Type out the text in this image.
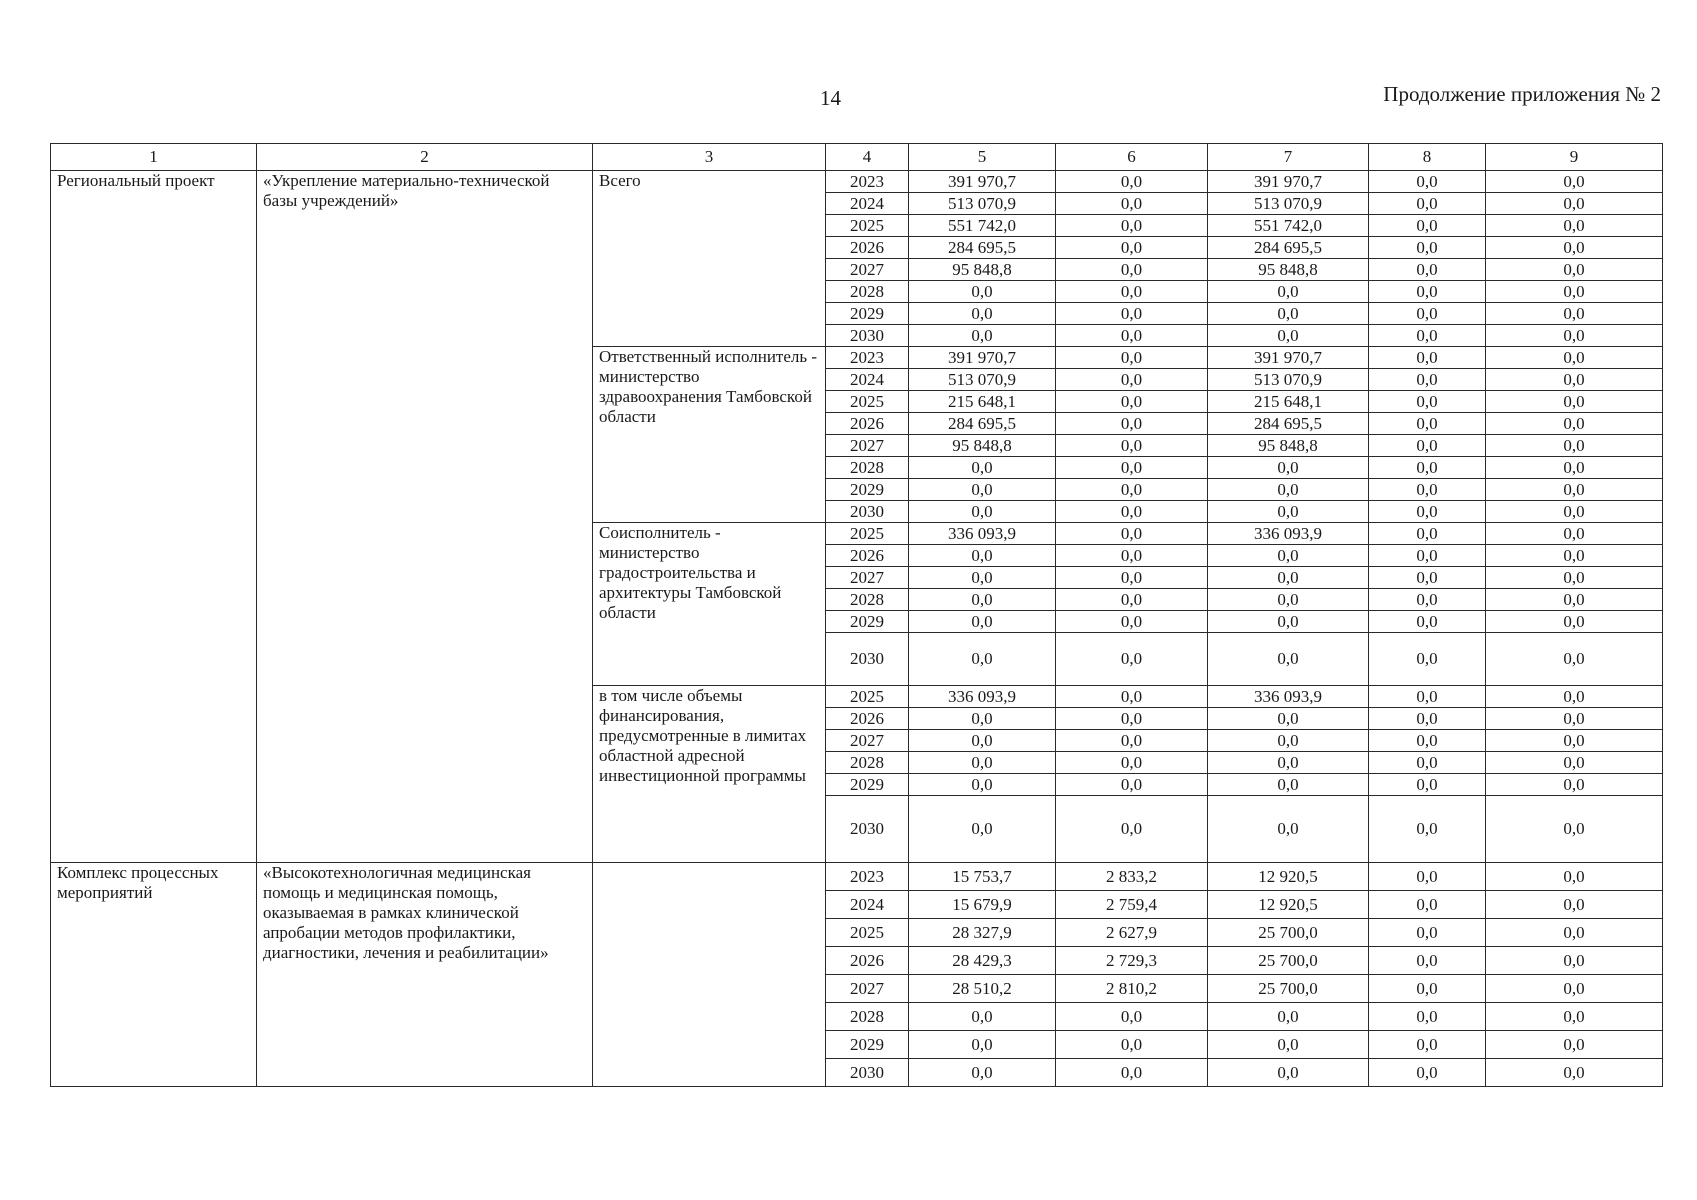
14	Продолжение приложения № 2
1	2	3	4	5	6	7	8	9
Региональный проект	«Укрепление материально-технической базы учреждений»	Всего	2023	391 970,7	0,0	391 970,7	0,0	0,0
			2024	513 070,9	0,0	513 070,9	0,0	0,0
			2025	551 742,0	0,0	551 742,0	0,0	0,0
			2026	284 695,5	0,0	284 695,5	0,0	0,0
			2027	95 848,8	0,0	95 848,8	0,0	0,0
			2028	0,0	0,0	0,0	0,0	0,0
			2029	0,0	0,0	0,0	0,0	0,0
			2030	0,0	0,0	0,0	0,0	0,0
		Ответственный исполнитель - министерство здравоохранения Тамбовской области	2023	391 970,7	0,0	391 970,7	0,0	0,0
			2024	513 070,9	0,0	513 070,9	0,0	0,0
			2025	215 648,1	0,0	215 648,1	0,0	0,0
			2026	284 695,5	0,0	284 695,5	0,0	0,0
			2027	95 848,8	0,0	95 848,8	0,0	0,0
			2028	0,0	0,0	0,0	0,0	0,0
			2029	0,0	0,0	0,0	0,0	0,0
			2030	0,0	0,0	0,0	0,0	0,0
		Соисполнитель - министерство градостроительства и архитектуры Тамбовской области	2025	336 093,9	0,0	336 093,9	0,0	0,0
			2026	0,0	0,0	0,0	0,0	0,0
			2027	0,0	0,0	0,0	0,0	0,0
			2028	0,0	0,0	0,0	0,0	0,0
			2029	0,0	0,0	0,0	0,0	0,0
			2030	0,0	0,0	0,0	0,0	0,0
		в том числе объемы финансирования, предусмотренные в лимитах областной адресной инвестиционной программы	2025	336 093,9	0,0	336 093,9	0,0	0,0
			2026	0,0	0,0	0,0	0,0	0,0
			2027	0,0	0,0	0,0	0,0	0,0
			2028	0,0	0,0	0,0	0,0	0,0
			2029	0,0	0,0	0,0	0,0	0,0
			2030	0,0	0,0	0,0	0,0	0,0
Комплекс процессных мероприятий	«Высокотехнологичная медицинская помощь и медицинская помощь, оказываемая в рамках клинической апробации методов профилактики, диагностики, лечения и реабилитации»		2023	15 753,7	2 833,2	12 920,5	0,0	0,0
			2024	15 679,9	2 759,4	12 920,5	0,0	0,0
			2025	28 327,9	2 627,9	25 700,0	0,0	0,0
			2026	28 429,3	2 729,3	25 700,0	0,0	0,0
			2027	28 510,2	2 810,2	25 700,0	0,0	0,0
			2028	0,0	0,0	0,0	0,0	0,0
			2029	0,0	0,0	0,0	0,0	0,0
			2030	0,0	0,0	0,0	0,0	0,0
